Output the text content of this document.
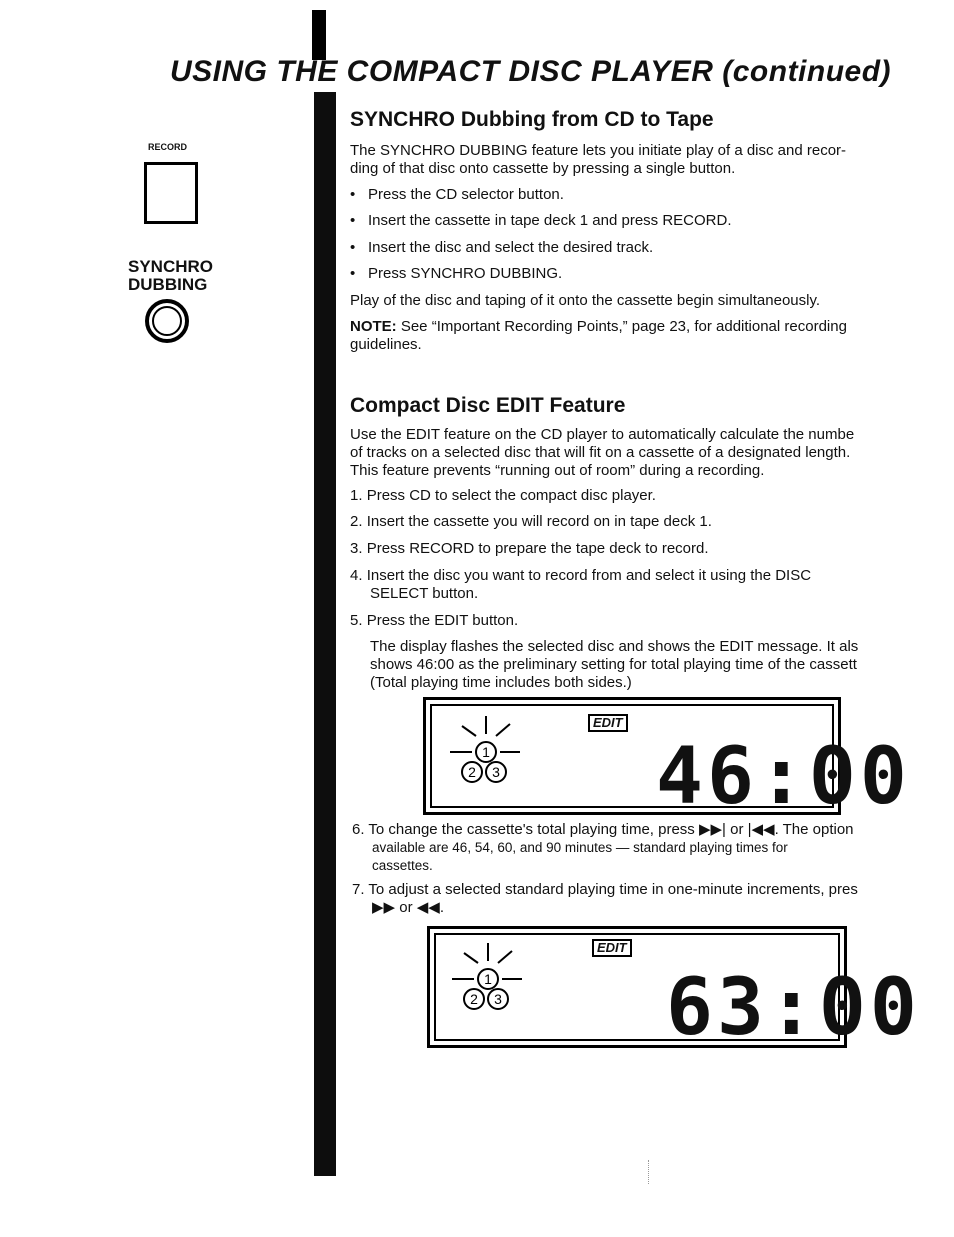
USING THE COMPACT DISC PLAYER (continued)
RECORD
SYNCHRO
DUBBING
SYNCHRO Dubbing from CD to Tape
The SYNCHRO DUBBING feature lets you initiate play of a disc and recor-
ding of that disc onto cassette by pressing a single button.
• Press the CD selector button.
• Insert the cassette in tape deck 1 and press RECORD.
• Insert the disc and select the desired track.
• Press SYNCHRO DUBBING.
Play of the disc and taping of it onto the cassette begin simultaneously.
NOTE: See “Important Recording Points,” page 23, for additional recording
guidelines.
Compact Disc EDIT Feature
Use the EDIT feature on the CD player to automatically calculate the numbe
of tracks on a selected disc that will fit on a cassette of a designated length.
This feature prevents “running out of room” during a recording.
1. Press CD to select the compact disc player.
2. Insert the cassette you will record on in tape deck 1.
3. Press RECORD to prepare the tape deck to record.
4. Insert the disc you want to record from and select it using the DISC
SELECT button.
5. Press the EDIT button.
The display flashes the selected disc and shows the EDIT message. It als
shows 46:00 as the preliminary setting for total playing time of the cassett
(Total playing time includes both sides.)
1
2 3
EDIT
46:00
6. To change the cassette's total playing time, press ▶▶| or |◀◀. The option
available are 46, 54, 60, and 90 minutes — standard playing times for
cassettes.
7. To adjust a selected standard playing time in one-minute increments, pres
▶▶ or ◀◀.
1
2 3
EDIT
63:00
